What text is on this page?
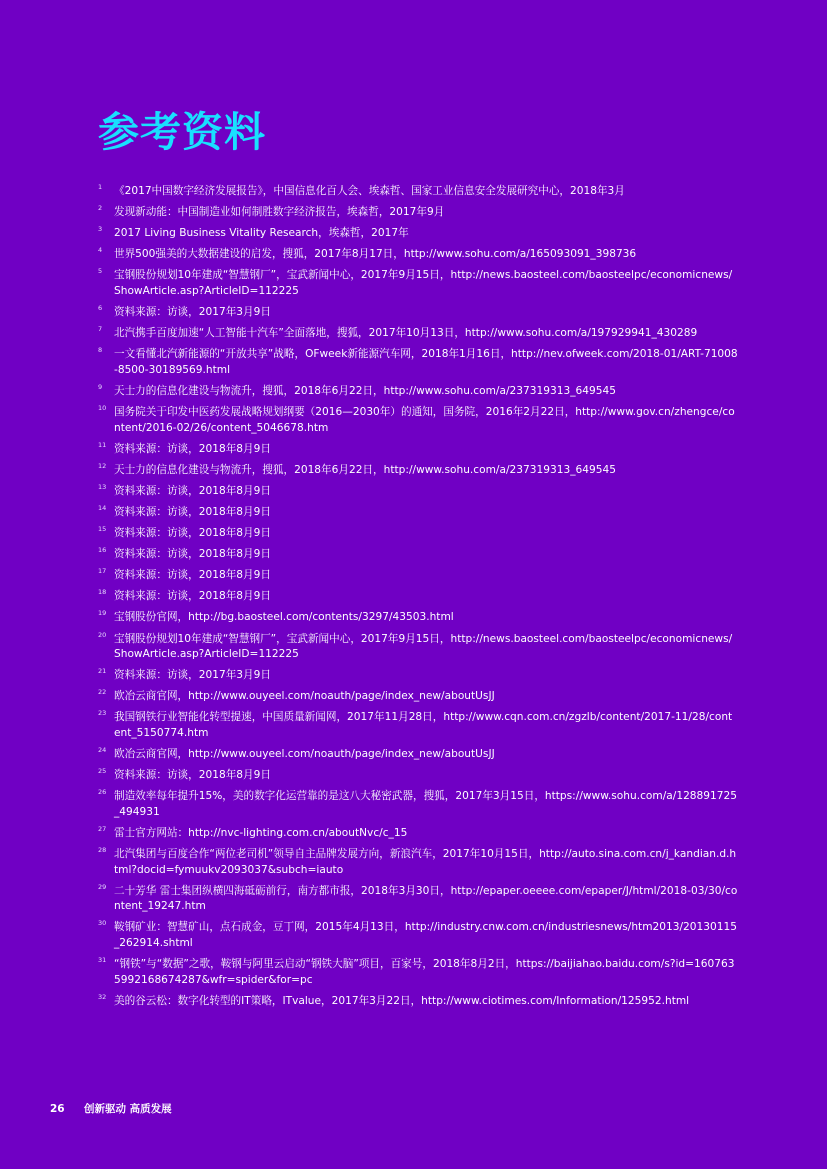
参考资料
1 《2017中国数字经济发展报告》，中国信息化百人会、埃森哲、国家工业信息安全发展研究中心，2018年3月
2 发现新动能：中国制造业如何制胜数字经济报告，埃森哲，2017年9月
3 2017 Living Business Vitality Research，埃森哲，2017年
4 世界500强美的大数据建设的启发，搜狐，2017年8月17日，http://www.sohu.com/a/165093091_398736
5 宝钢股份规划10年建成“智慧钢厂”，宝武新闻中心，2017年9月15日，http://news.baosteel.com/baosteelpc/economicnews/ShowArticle.asp?ArticleID=112225
6 资料来源：访谈，2017年3月9日
7 北汽携手百度加速“人工智能十汽车”全面落地，搜狐，2017年10月13日，http://www.sohu.com/a/197929941_430289
8 一文看懂北汽新能源的“开放共享”战略，OFweek新能源汽车网，2018年1月16日，http://nev.ofweek.com/2018-01/ART-71008-8500-30189569.html
9 天士力的信息化建设与物流升，搜狐，2018年6月22日，http://www.sohu.com/a/237319313_649545
10 国务院关于印发中医药发展战略规划纲要（2016—2030年）的通知，国务院，2016年2月22日，http://www.gov.cn/zhengce/content/2016-02/26/content_5046678.htm
11 资料来源：访谈，2018年8月9日
12 天士力的信息化建设与物流升，搜狐，2018年6月22日，http://www.sohu.com/a/237319313_649545
13 资料来源：访谈，2018年8月9日
14 资料来源：访谈，2018年8月9日
15 资料来源：访谈，2018年8月9日
16 资料来源：访谈，2018年8月9日
17 资料来源：访谈，2018年8月9日
18 资料来源：访谈，2018年8月9日
19 宝钢股份官网，http://bg.baosteel.com/contents/3297/43503.html
20 宝钢股份规划10年建成“智慧钢厂”，宝武新闻中心，2017年9月15日，http://news.baosteel.com/baosteelpc/economicnews/ShowArticle.asp?ArticleID=112225
21 资料来源：访谈，2017年3月9日
22 欧冶云商官网，http://www.ouyeel.com/noauth/page/index_new/aboutUsJJ
23 我国钢铁行业智能化转型提速，中国质量新闻网，2017年11月28日，http://www.cqn.com.cn/zgzlb/content/2017-11/28/content_5150774.htm
24 欧冶云商官网，http://www.ouyeel.com/noauth/page/index_new/aboutUsJJ
25 资料来源：访谈，2018年8月9日
26 制造效率每年提升15%，美的数字化运营靠的是这八大秘密武器，搜狐，2017年3月15日，https://www.sohu.com/a/128891725_494931
27 雷士官方网站：http://nvc-lighting.com.cn/aboutNvc/c_15
28 北汽集团与百度合作“两位老司机”领导自主品牌发展方向，新浪汽车，2017年10月15日，http://auto.sina.com.cn/j_kandian.d.html?docid=fymuukv2093037&subch=iauto
29 二十芳华 雷士集团纵横四海砥砺前行，南方都市报，2018年3月30日，http://epaper.oeeee.com/epaper/J/html/2018-03/30/content_19247.htm
30 鞍钢矿业：智慧矿山，点石成金，豆丁网，2015年4月13日，http://industry.cnw.com.cn/industriesnews/htm2013/20130115_262914.shtml
31 “钢铁”与“数据”之歌，鞍钢与阿里云启动“钢铁大脑”项目，百家号，2018年8月2日，https://baijiahao.baidu.com/s?id=1607635992168674287&wfr=spider&for=pc
32 美的谷云松：数字化转型的IT策略，ITvalue，2017年3月22日，http://www.ciotimes.com/Information/125952.html
26 创新驱动 高质发展
